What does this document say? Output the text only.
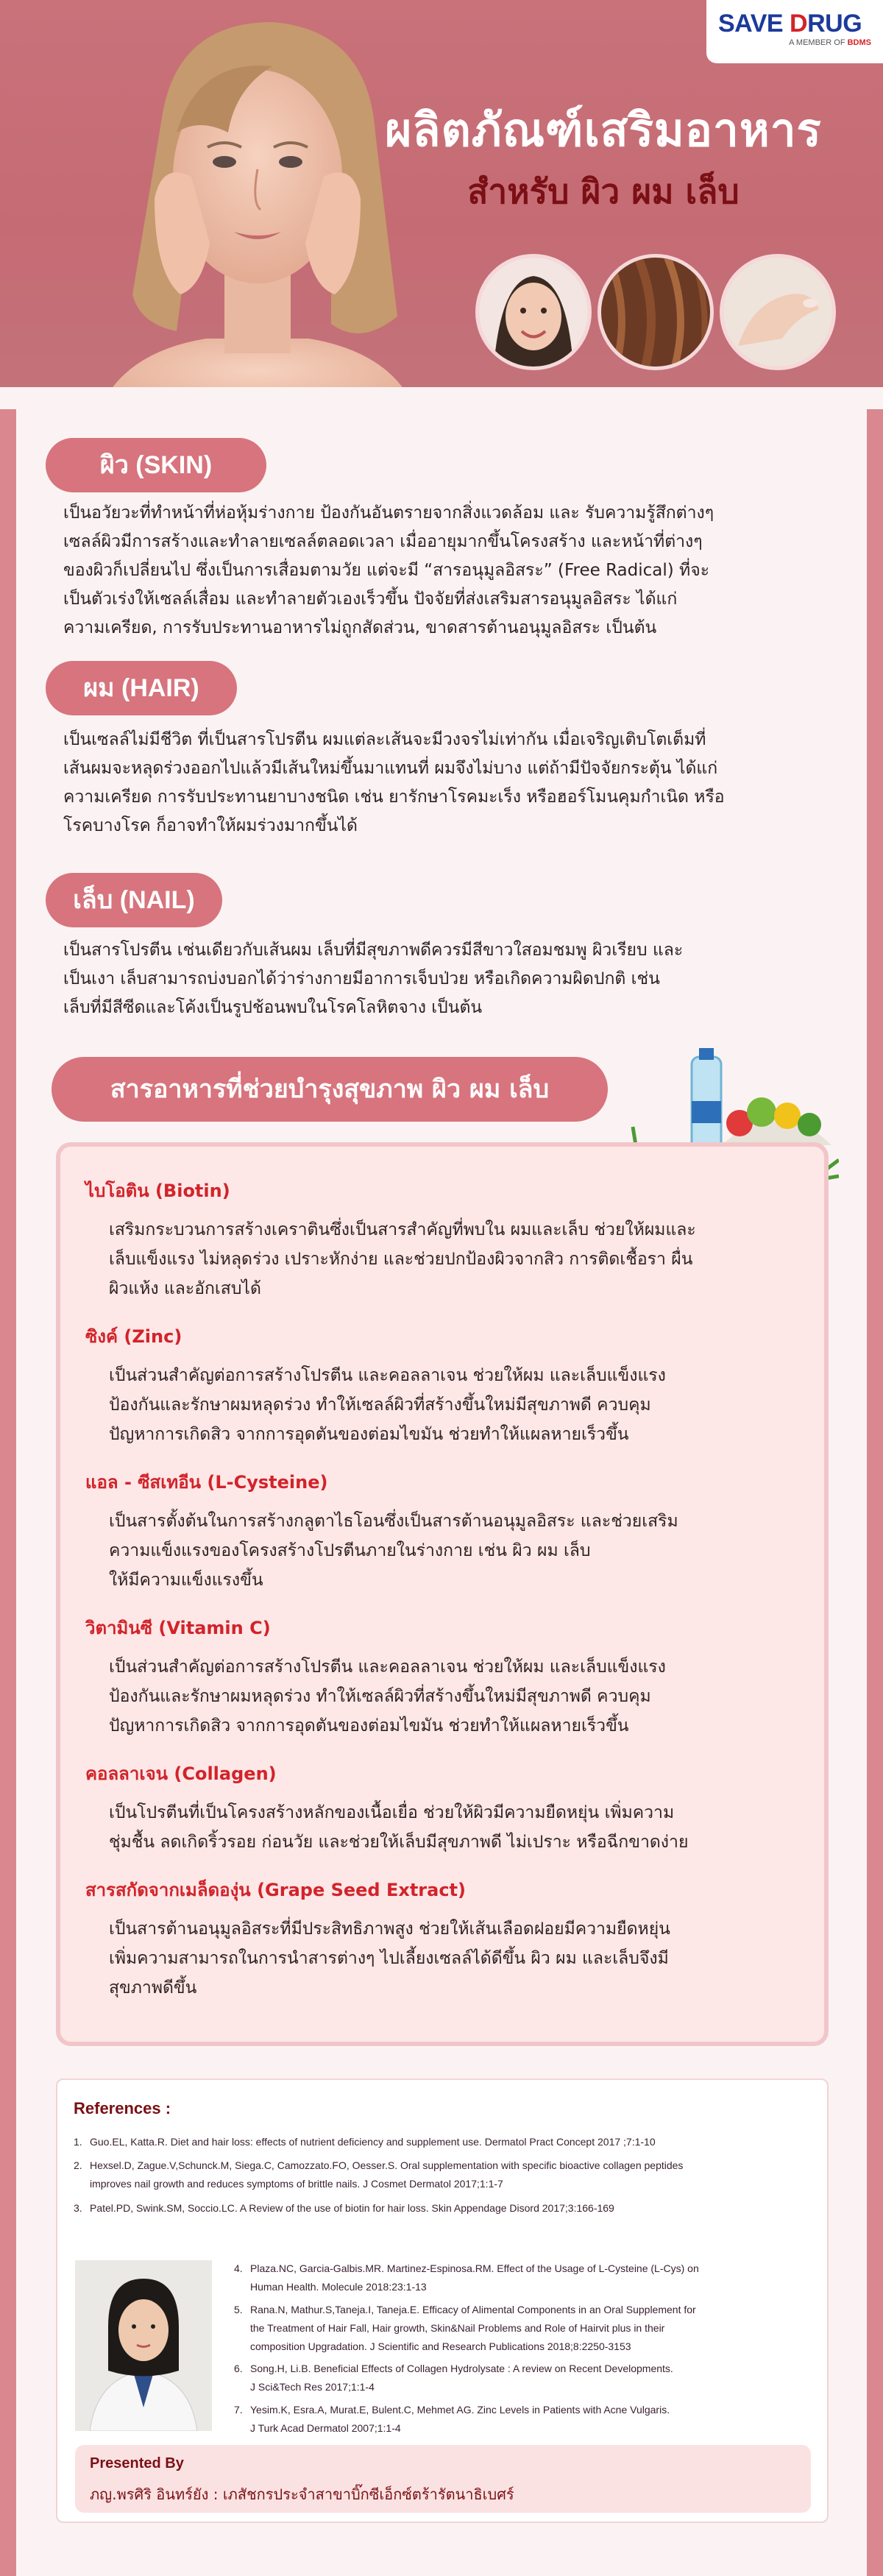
SAVE DRUG
A MEMBER OF BDMS
ผลิตภัณฑ์เสริมอาหาร
สำหรับ ผิว ผม เล็บ
ผิว (SKIN)
เป็นอวัยวะที่ทำหน้าที่ห่อหุ้มร่างกาย ป้องกันอันตรายจากสิ่งแวดล้อม และ รับความรู้สึกต่างๆ
เซลล์ผิวมีการสร้างและทำลายเซลล์ตลอดเวลา เมื่ออายุมากขึ้นโครงสร้าง และหน้าที่ต่างๆ
ของผิวก็เปลี่ยนไป ซึ่งเป็นการเสื่อมตามวัย แต่จะมี “สารอนุมูลอิสระ” (Free Radical) ที่จะ
เป็นตัวเร่งให้เซลล์เสื่อม และทำลายตัวเองเร็วขึ้น ปัจจัยที่ส่งเสริมสารอนุมูลอิสระ ได้แก่
ความเครียด, การรับประทานอาหารไม่ถูกสัดส่วน, ขาดสารต้านอนุมูลอิสระ เป็นต้น
ผม (HAIR)
เป็นเซลล์ไม่มีชีวิต ที่เป็นสารโปรตีน ผมแต่ละเส้นจะมีวงจรไม่เท่ากัน เมื่อเจริญเติบโตเต็มที่
เส้นผมจะหลุดร่วงออกไปแล้วมีเส้นใหม่ขึ้นมาแทนที่ ผมจึงไม่บาง แต่ถ้ามีปัจจัยกระตุ้น ได้แก่
ความเครียด การรับประทานยาบางชนิด เช่น ยารักษาโรคมะเร็ง หรือฮอร์โมนคุมกำเนิด หรือ
โรคบางโรค ก็อาจทำให้ผมร่วงมากขึ้นได้
เล็บ (NAIL)
เป็นสารโปรตีน เช่นเดียวกับเส้นผม เล็บที่มีสุขภาพดีควรมีสีขาวใสอมชมพู ผิวเรียบ และ
เป็นเงา เล็บสามารถบ่งบอกได้ว่าร่างกายมีอาการเจ็บป่วย หรือเกิดความผิดปกติ เช่น
เล็บที่มีสีซีดและโค้งเป็นรูปช้อนพบในโรคโลหิตจาง เป็นต้น
สารอาหารที่ช่วยบำรุงสุขภาพ ผิว ผม เล็บ
ไบโอติน (Biotin)
เสริมกระบวนการสร้างเคราตินซึ่งเป็นสารสำคัญที่พบใน ผมและเล็บ ช่วยให้ผมและ
เล็บแข็งแรง ไม่หลุดร่วง เปราะหักง่าย และช่วยปกป้องผิวจากสิว การติดเชื้อรา ผื่น
ผิวแห้ง และอักเสบได้
ซิงค์ (Zinc)
เป็นส่วนสำคัญต่อการสร้างโปรตีน และคอลลาเจน ช่วยให้ผม และเล็บแข็งแรง
ป้องกันและรักษาผมหลุดร่วง ทำให้เซลล์ผิวที่สร้างขึ้นใหม่มีสุขภาพดี ควบคุม
ปัญหาการเกิดสิว จากการอุดตันของต่อมไขมัน ช่วยทำให้แผลหายเร็วขึ้น
แอล - ซีสเทอีน (L-Cysteine)
เป็นสารตั้งต้นในการสร้างกลูตาไธโอนซึ่งเป็นสารต้านอนุมูลอิสระ และช่วยเสริม
ความแข็งแรงของโครงสร้างโปรตีนภายในร่างกาย เช่น ผิว ผม เล็บ
ให้มีความแข็งแรงขึ้น
วิตามินซี (Vitamin C)
เป็นส่วนสำคัญต่อการสร้างโปรตีน และคอลลาเจน ช่วยให้ผม และเล็บแข็งแรง
ป้องกันและรักษาผมหลุดร่วง ทำให้เซลล์ผิวที่สร้างขึ้นใหม่มีสุขภาพดี ควบคุม
ปัญหาการเกิดสิว จากการอุดตันของต่อมไขมัน ช่วยทำให้แผลหายเร็วขึ้น
คอลลาเจน (Collagen)
เป็นโปรตีนที่เป็นโครงสร้างหลักของเนื้อเยื่อ ช่วยให้ผิวมีความยืดหยุ่น เพิ่มความ
ชุ่มชื้น ลดเกิดริ้วรอย ก่อนวัย และช่วยให้เล็บมีสุขภาพดี ไม่เปราะ หรือฉีกขาดง่าย
สารสกัดจากเมล็ดองุ่น (Grape Seed Extract)
เป็นสารต้านอนุมูลอิสระที่มีประสิทธิภาพสูง ช่วยให้เส้นเลือดฝอยมีความยืดหยุ่น
เพิ่มความสามารถในการนำสารต่างๆ ไปเลี้ยงเซลล์ได้ดีขึ้น ผิว ผม และเล็บจึงมี
สุขภาพดีขึ้น
References :
1. Guo.EL, Katta.R. Diet and hair loss: effects of nutrient deficiency and supplement use. Dermatol Pract Concept 2017 ;7:1-10
2. Hexsel.D, Zague.V,Schunck.M, Siega.C, Camozzato.FO, Oesser.S. Oral supplementation with specific bioactive collagen peptides
improves nail growth and reduces symptoms of brittle nails. J Cosmet Dermatol 2017;1:1-7
3. Patel.PD, Swink.SM, Soccio.LC. A Review of the use of biotin for hair loss. Skin Appendage Disord 2017;3:166-169
4. Plaza.NC, Garcia-Galbis.MR. Martinez-Espinosa.RM. Effect of the Usage of L-Cysteine (L-Cys) on
Human Health. Molecule 2018:23:1-13
5. Rana.N, Mathur.S,Taneja.I, Taneja.E. Efficacy of Alimental Components in an Oral Supplement for
the Treatment of Hair Fall, Hair growth, Skin&Nail Problems and Role of Hairvit plus in their
composition Upgradation. J Scientific and Research Publications 2018;8:2250-3153
6. Song.H, Li.B. Beneficial Effects of Collagen Hydrolysate : A review on Recent Developments.
J Sci&Tech Res 2017;1:1-4
7. Yesim.K, Esra.A, Murat.E, Bulent.C, Mehmet AG. Zinc Levels in Patients with Acne Vulgaris.
J Turk Acad Dermatol 2007;1:1-4
Presented By
ภญ.พรศิริ อินทร์ยัง : เภสัชกรประจำสาขาบิ๊กซีเอ็กซ์ตร้ารัตนาธิเบศร์
